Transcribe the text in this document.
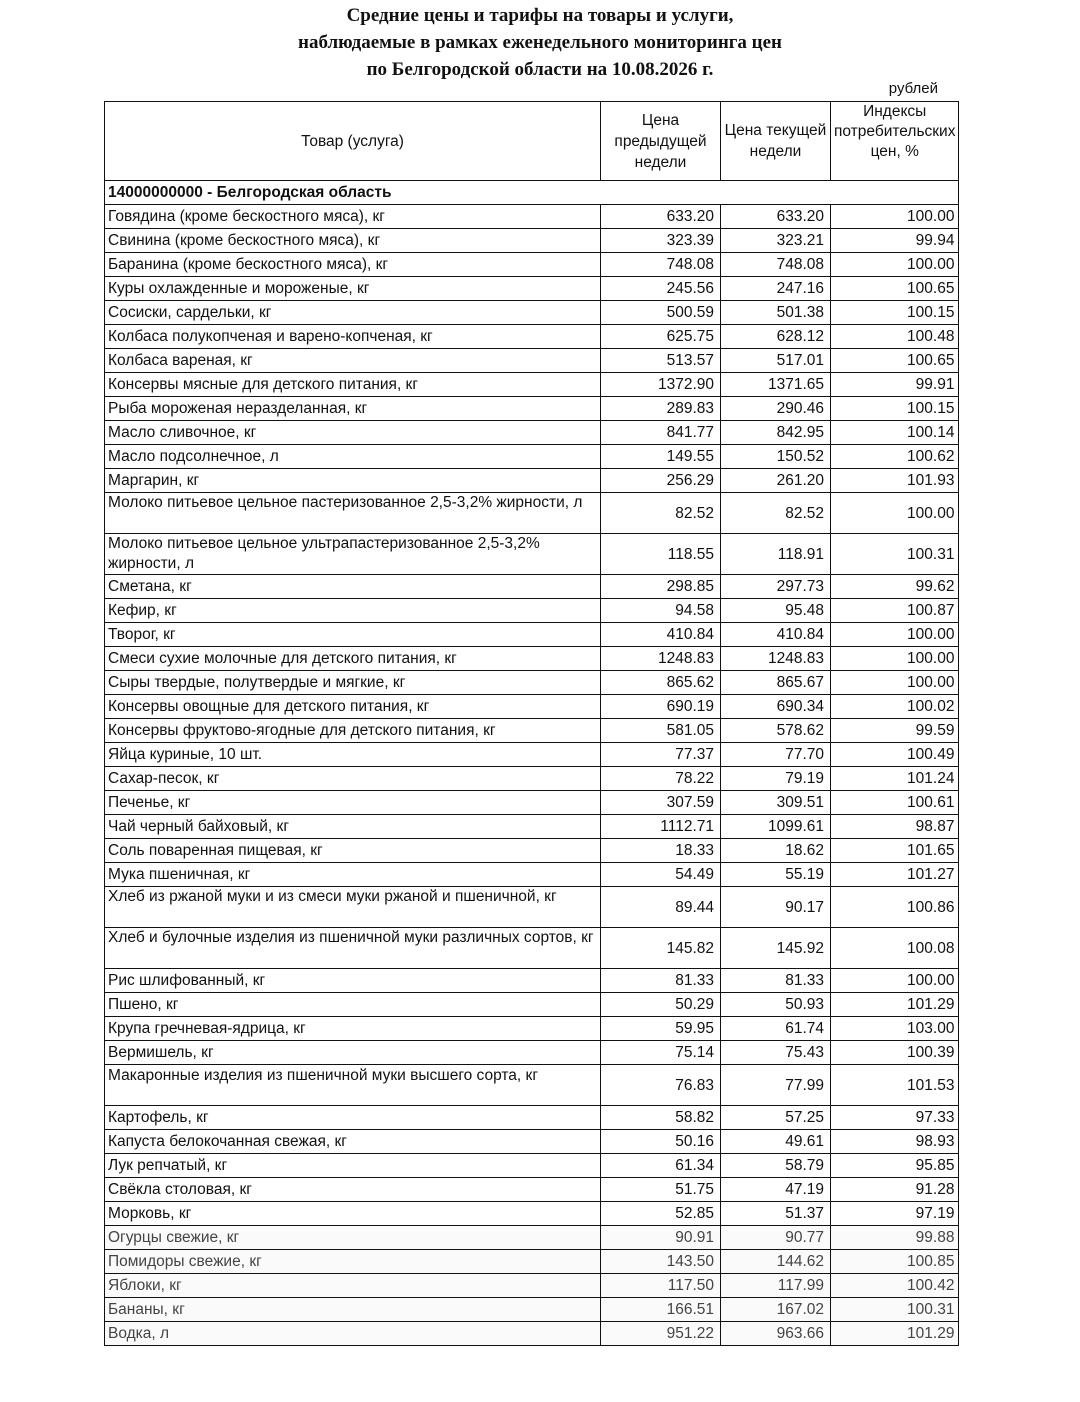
Средние цены и тарифы на товары и услуги,
наблюдаемые в рамках еженедельного мониторинга цен
по Белгородской области на 10.08.2026 г.
рублей
Товар (услуга)	Цена предыдущей недели	Цена текущей недели	Индексы потребительских цен, %
14000000000 - Белгородская область			
Говядина (кроме бескостного мяса), кг	633.20	633.20	100.00
Свинина (кроме бескостного мяса), кг	323.39	323.21	99.94
Баранина (кроме бескостного мяса), кг	748.08	748.08	100.00
Куры охлажденные и мороженые, кг	245.56	247.16	100.65
Сосиски, сардельки, кг	500.59	501.38	100.15
Колбаса полукопченая и варено-копченая, кг	625.75	628.12	100.48
Колбаса вареная, кг	513.57	517.01	100.65
Консервы мясные для детского питания, кг	1372.90	1371.65	99.91
Рыба мороженая неразделанная, кг	289.83	290.46	100.15
Масло сливочное, кг	841.77	842.95	100.14
Масло подсолнечное, л	149.55	150.52	100.62
Маргарин, кг	256.29	261.20	101.93
Молоко питьевое цельное пастеризованное 2,5-3,2% жирности, л	82.52	82.52	100.00
Молоко питьевое цельное ультрапастеризованное 2,5-3,2% жирности, л	118.55	118.91	100.31
Сметана, кг	298.85	297.73	99.62
Кефир, кг	94.58	95.48	100.87
Творог, кг	410.84	410.84	100.00
Смеси сухие молочные для детского питания, кг	1248.83	1248.83	100.00
Сыры твердые, полутвердые и мягкие, кг	865.62	865.67	100.00
Консервы овощные для детского питания, кг	690.19	690.34	100.02
Консервы фруктово-ягодные для детского питания, кг	581.05	578.62	99.59
Яйца куриные, 10 шт.	77.37	77.70	100.49
Сахар-песок, кг	78.22	79.19	101.24
Печенье, кг	307.59	309.51	100.61
Чай черный байховый, кг	1112.71	1099.61	98.87
Соль поваренная пищевая, кг	18.33	18.62	101.65
Мука пшеничная, кг	54.49	55.19	101.27
Хлеб из ржаной муки и из смеси муки ржаной и пшеничной, кг	89.44	90.17	100.86
Хлеб и булочные изделия из пшеничной муки различных сортов, кг	145.82	145.92	100.08
Рис шлифованный, кг	81.33	81.33	100.00
Пшено, кг	50.29	50.93	101.29
Крупа гречневая-ядрица, кг	59.95	61.74	103.00
Вермишель, кг	75.14	75.43	100.39
Макаронные изделия из пшеничной муки высшего сорта, кг	76.83	77.99	101.53
Картофель, кг	58.82	57.25	97.33
Капуста белокочанная свежая, кг	50.16	49.61	98.93
Лук репчатый, кг	61.34	58.79	95.85
Свёкла столовая, кг	51.75	47.19	91.28
Морковь, кг	52.85	51.37	97.19
Огурцы свежие, кг	90.91	90.77	99.88
Помидоры свежие, кг	143.50	144.62	100.85
Яблоки, кг	117.50	117.99	100.42
Бананы, кг	166.51	167.02	100.31
Водка, л	951.22	963.66	101.29
